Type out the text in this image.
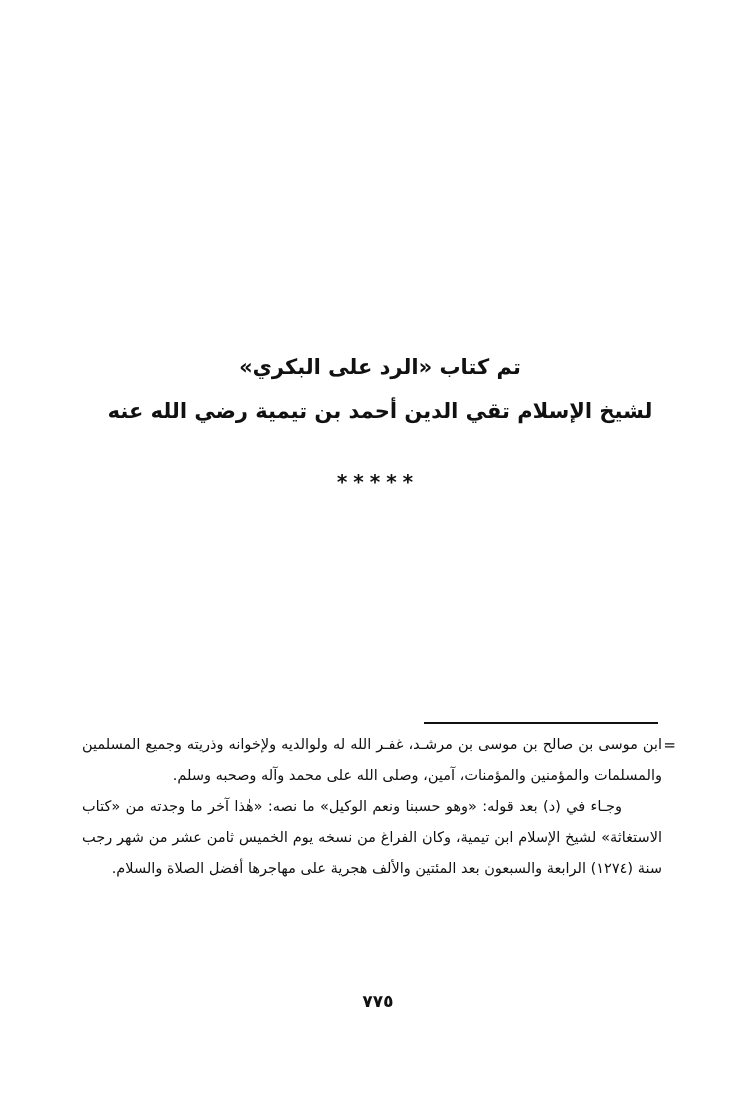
تم كتاب «الرد على البكري»
لشيخ الإسلام تقي الدين أحمد بن تيمية رضي الله عنه
*****
=
ابن موسى بن صالح بن موسى بن مرشـد، غفـر الله له ولوالديه ولإخوانه وذريته وجميع المسلمين والمسلمات والمؤمنين والمؤمنات، آمين، وصلى الله على محمد وآله وصحبه وسلم.
وجـاء في (د) بعد قوله: «وهو حسبنا ونعم الوكيل» ما نصه: «هٰذا آخر ما وجدته من «كتاب الاستغاثة» لشيخ الإسلام ابن تيمية، وكان الفراغ من نسخه يوم الخميس ثامن عشر من شهر رجب سنة (١٢٧٤) الرابعة والسبعون بعد المئتين والألف هجرية على مهاجرها أفضل الصلاة والسلام.
٧٧٥
